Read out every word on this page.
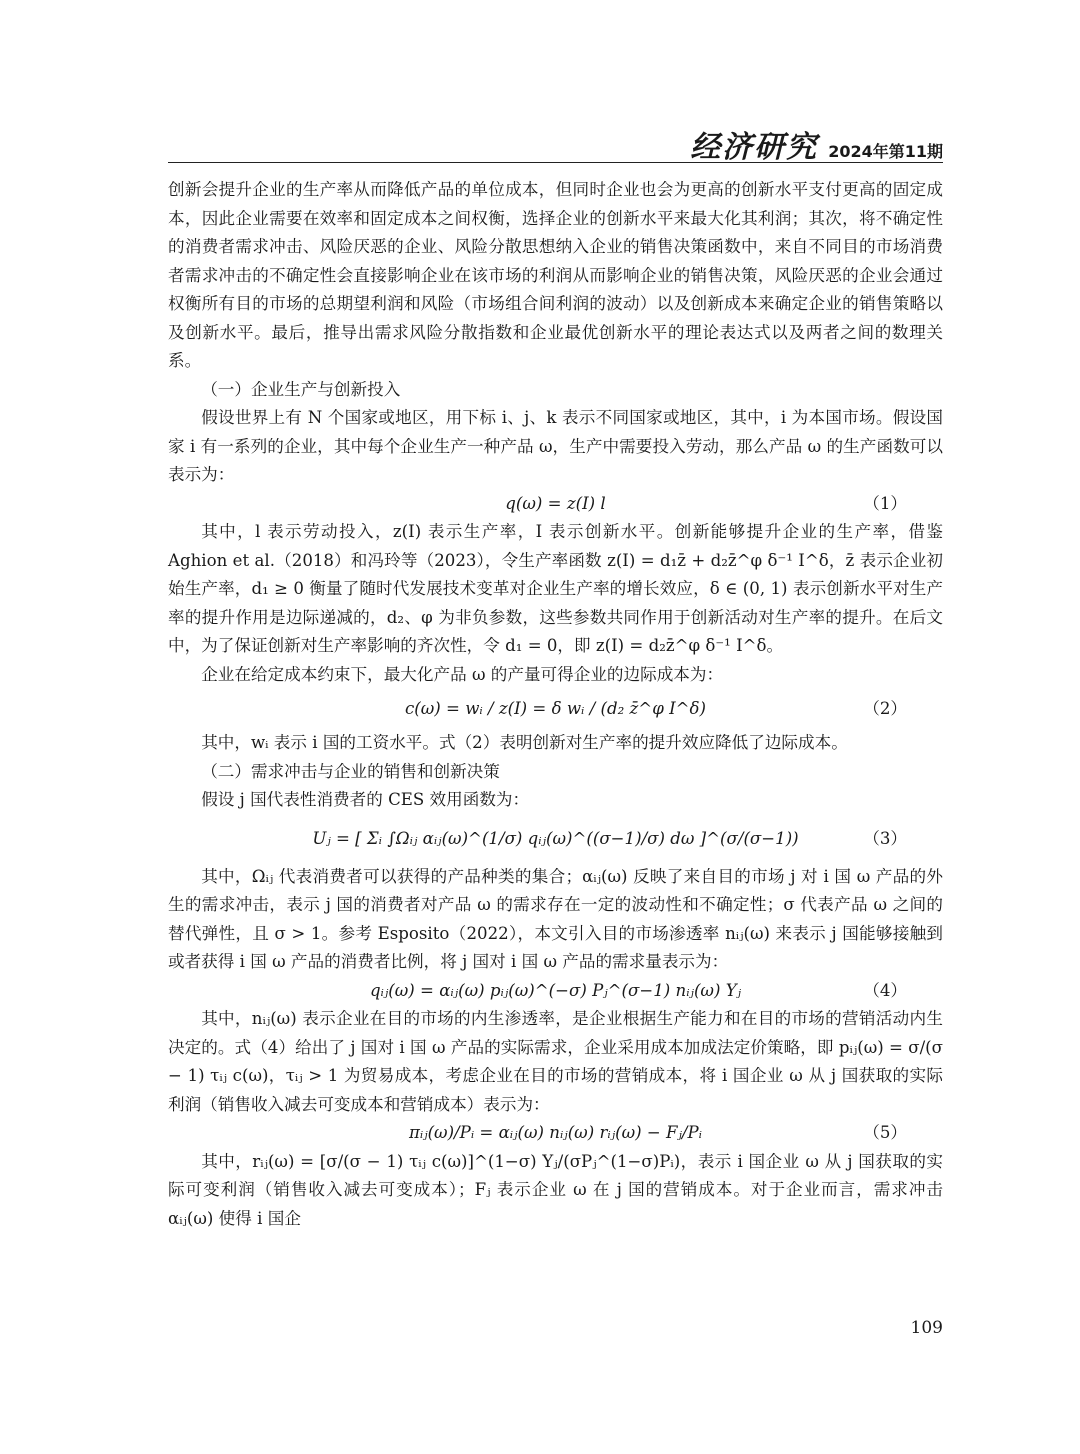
经济研究 2024年第11期

创新会提升企业的生产率从而降低产品的单位成本，但同时企业也会为更高的创新水平支付更高的固定成本，因此企业需要在效率和固定成本之间权衡，选择企业的创新水平来最大化其利润；其次，将不确定性的消费者需求冲击、风险厌恶的企业、风险分散思想纳入企业的销售决策函数中，来自不同目的市场消费者需求冲击的不确定性会直接影响企业在该市场的利润从而影响企业的销售决策，风险厌恶的企业会通过权衡所有目的市场的总期望利润和风险（市场组合间利润的波动）以及创新成本来确定企业的销售策略以及创新水平。最后，推导出需求风险分散指数和企业最优创新水平的理论表达式以及两者之间的数理关系。

（一）企业生产与创新投入

假设世界上有 N 个国家或地区，用下标 i、j、k 表示不同国家或地区，其中，i 为本国市场。假设国家 i 有一系列的企业，其中每个企业生产一种产品 ω，生产中需要投入劳动，那么产品 ω 的生产函数可以表示为：

q(ω) = z(I) l	（1）

其中，l 表示劳动投入，z(I) 表示生产率，I 表示创新水平。创新能够提升企业的生产率，借鉴 Aghion et al.（2018）和冯玲等（2023），令生产率函数 z(I) = d₁z̄ + d₂z̄^φ δ⁻¹ I^δ，z̄ 表示企业初始生产率，d₁ ≥ 0 衡量了随时代发展技术变革对企业生产率的增长效应，δ ∈ (0, 1) 表示创新水平对生产率的提升作用是边际递减的，d₂、φ 为非负参数，这些参数共同作用于创新活动对生产率的提升。在后文中，为了保证创新对生产率影响的齐次性，令 d₁ = 0，即 z(I) = d₂z̄^φ δ⁻¹ I^δ。

企业在给定成本约束下，最大化产品 ω 的产量可得企业的边际成本为：

c(ω) = wᵢ / z(I) = δ wᵢ / (d₂ z̄^φ I^δ)	（2）

其中，wᵢ 表示 i 国的工资水平。式（2）表明创新对生产率的提升效应降低了边际成本。

（二）需求冲击与企业的销售和创新决策

假设 j 国代表性消费者的 CES 效用函数为：

Uⱼ = [ Σᵢ ∫Ωᵢⱼ αᵢⱼ(ω)^(1/σ) qᵢⱼ(ω)^((σ−1)/σ) dω ]^(σ/(σ−1))	（3）

其中，Ωᵢⱼ 代表消费者可以获得的产品种类的集合；αᵢⱼ(ω) 反映了来自目的市场 j 对 i 国 ω 产品的外生的需求冲击，表示 j 国的消费者对产品 ω 的需求存在一定的波动性和不确定性；σ 代表产品 ω 之间的替代弹性，且 σ > 1。参考 Esposito（2022），本文引入目的市场渗透率 nᵢⱼ(ω) 来表示 j 国能够接触到或者获得 i 国 ω 产品的消费者比例，将 j 国对 i 国 ω 产品的需求量表示为：

qᵢⱼ(ω) = αᵢⱼ(ω) pᵢⱼ(ω)^(−σ) Pⱼ^(σ−1) nᵢⱼ(ω) Yⱼ	（4）

其中，nᵢⱼ(ω) 表示企业在目的市场的内生渗透率，是企业根据生产能力和在目的市场的营销活动内生决定的。式（4）给出了 j 国对 i 国 ω 产品的实际需求，企业采用成本加成法定价策略，即 pᵢⱼ(ω) = σ/(σ − 1) τᵢⱼ c(ω)，τᵢⱼ > 1 为贸易成本，考虑企业在目的市场的营销成本，将 i 国企业 ω 从 j 国获取的实际利润（销售收入减去可变成本和营销成本）表示为：

πᵢⱼ(ω)/Pᵢ = αᵢⱼ(ω) nᵢⱼ(ω) rᵢⱼ(ω) − Fⱼ/Pᵢ	（5）

其中，rᵢⱼ(ω) = [σ/(σ − 1) τᵢⱼ c(ω)]^(1−σ) Yⱼ/(σPⱼ^(1−σ)Pᵢ)，表示 i 国企业 ω 从 j 国获取的实际可变利润（销售收入减去可变成本）；Fⱼ 表示企业 ω 在 j 国的营销成本。对于企业而言，需求冲击 αᵢⱼ(ω) 使得 i 国企

109
